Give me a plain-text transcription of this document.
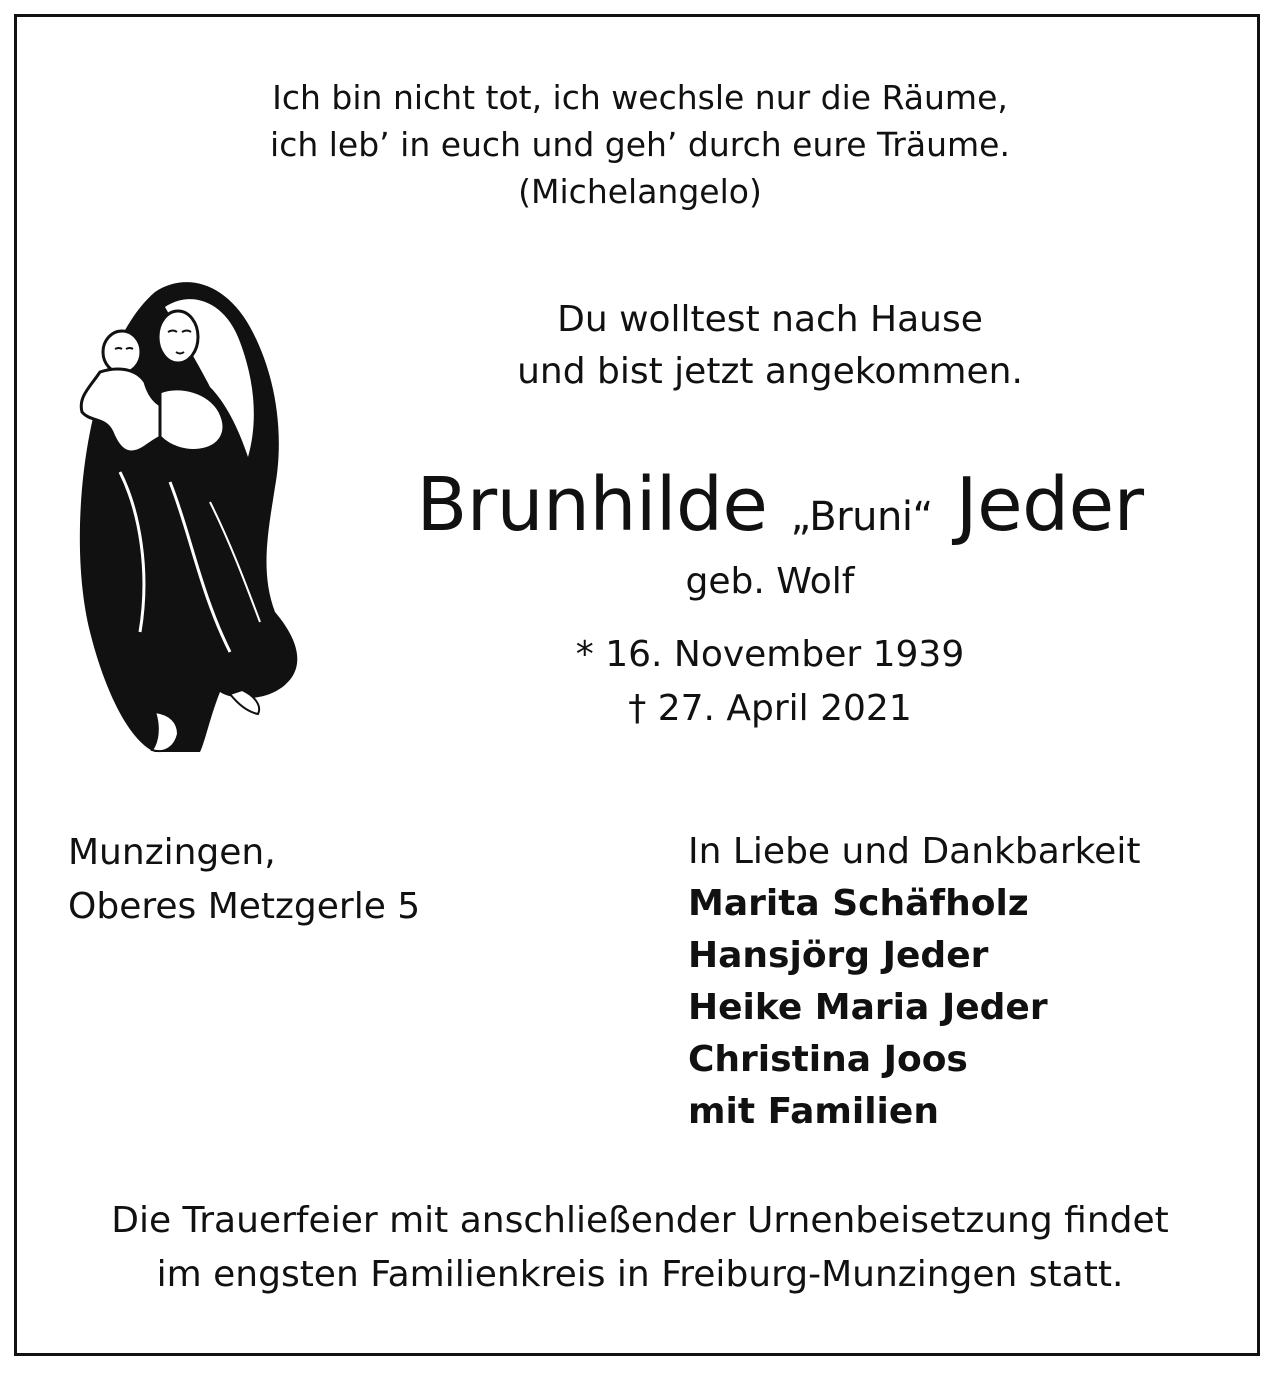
Ich bin nicht tot, ich wechsle nur die Räume,
ich leb’ in euch und geh’ durch eure Träume.
(Michelangelo)
Du wolltest nach Hause
und bist jetzt angekommen.
Brunhilde „Bruni“ Jeder
geb. Wolf
* 16. November 1939
† 27. April 2021
Munzingen,
Oberes Metzgerle 5
In Liebe und Dankbarkeit
Marita Schäfholz
Hansjörg Jeder
Heike Maria Jeder
Christina Joos
mit Familien
Die Trauerfeier mit anschließender Urnenbeisetzung findet
im engsten Familienkreis in Freiburg-Munzingen statt.
